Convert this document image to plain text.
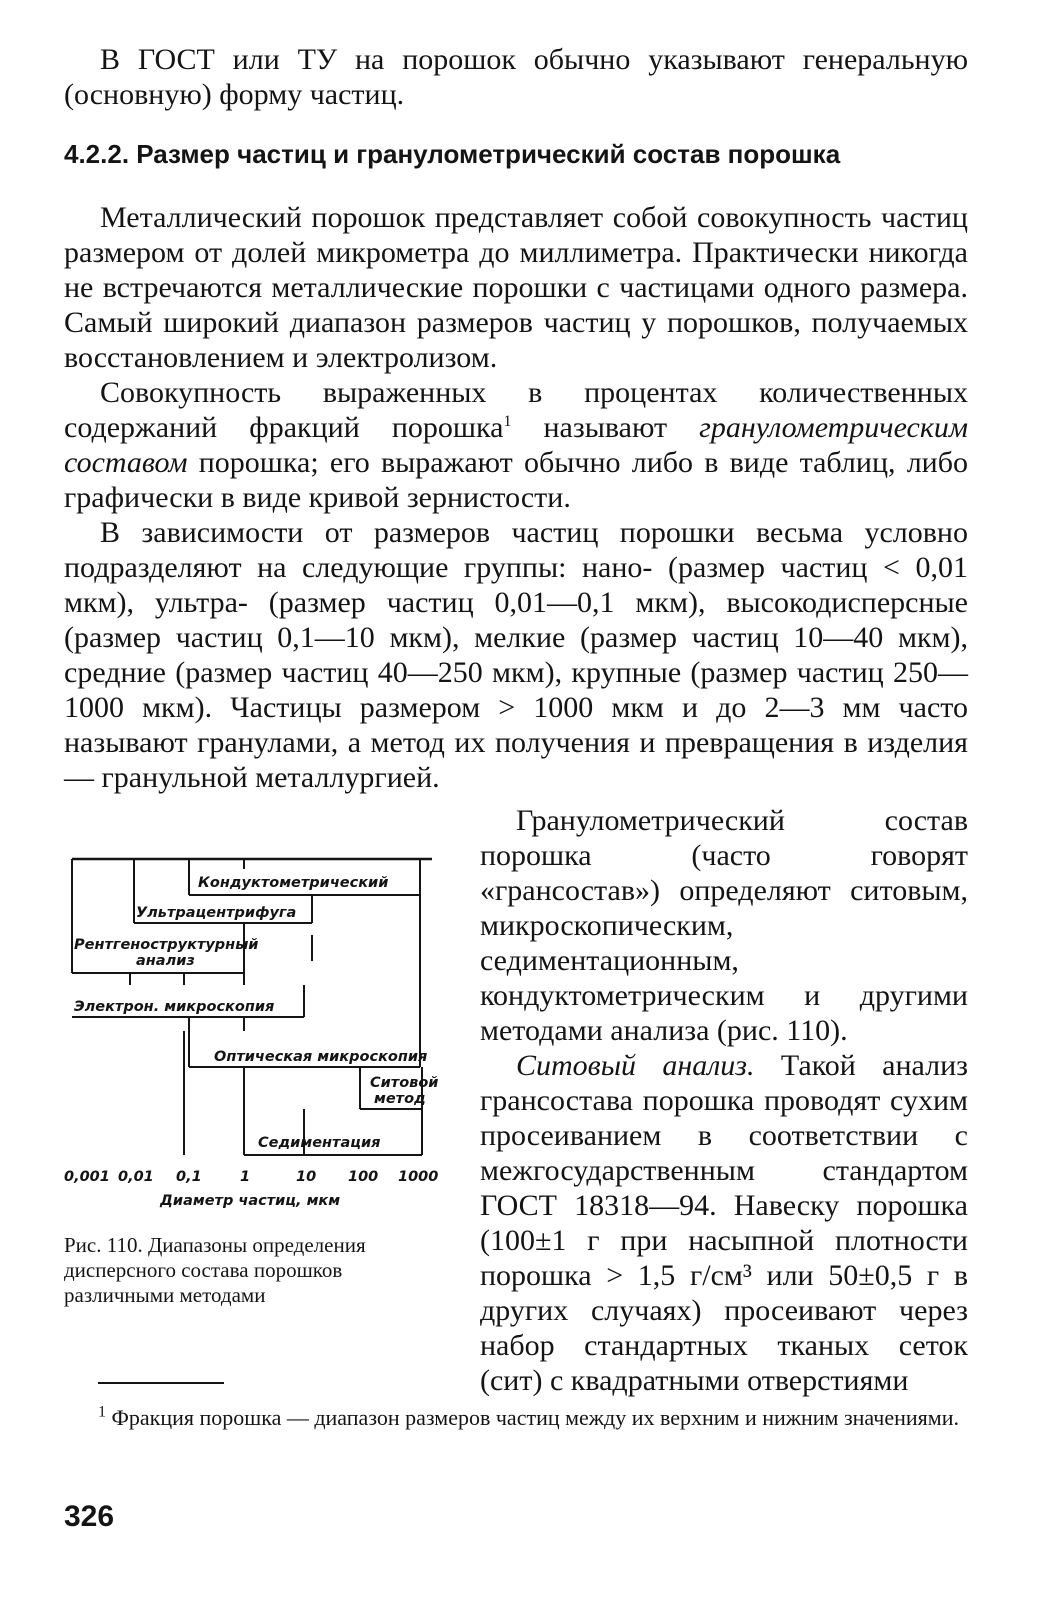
В ГОСТ или ТУ на порошок обычно указывают генеральную (основную) форму частиц.

4.2.2. Размер частиц и гранулометрический состав порошка

Металлический порошок представляет собой совокупность частиц размером от долей микрометра до миллиметра. Практически никогда не встречаются металлические порошки с частицами одного размера. Самый широкий диапазон размеров частиц у порошков, получаемых восстановлением и электролизом.

Совокупность выраженных в процентах количественных содержаний фракций порошка$^1$ называют гранулометрическим составом порошка; его выражают обычно либо в виде таблиц, либо графически в виде кривой зернистости.

В зависимости от размеров частиц порошки весьма условно подразделяют на следующие группы: нано- (размер частиц < 0,01 мкм), ультра- (размер частиц 0,01—0,1 мкм), высокодисперсные (размер частиц 0,1—10 мкм), мелкие (размер частиц 10—40 мкм), средние (размер частиц 40—250 мкм), крупные (размер частиц 250—1000 мкм). Частицы размером > 1000 мкм и до 2—3 мм часто называют гранулами, а метод их получения и превращения в изделия — гранульной металлургией.

Кондуктометрический
Ультрацентрифуга
Рентгеноструктурный
анализ
Электрон. микроскопия
Оптическая микроскопия
Ситовой
метод
Седиментация
0,001 0,01 0,1	1	10 100 1000
Диаметр частиц, мкм

Рис. 110. Диапазоны определения дисперсного состава порошков различными методами

Гранулометрический состав порошка (часто говорят «грансостав») определяют ситовым, микроскопическим, седиментационным, кондуктометрическим и другими методами анализа (рис. 110).

Ситовый анализ. Такой анализ грансостава порошка проводят сухим просеиванием в соответствии с межгосударственным стандартом ГОСТ 18318—94. Навеску порошка (100±1 г при насыпной плотности порошка > 1,5 г/см³ или 50±0,5 г в других случаях) просеивают через набор стандартных тканых сеток (сит) с квадратными отверстиями

$^1$ Фракция порошка — диапазон размеров частиц между их верхним и нижним значениями.

326
